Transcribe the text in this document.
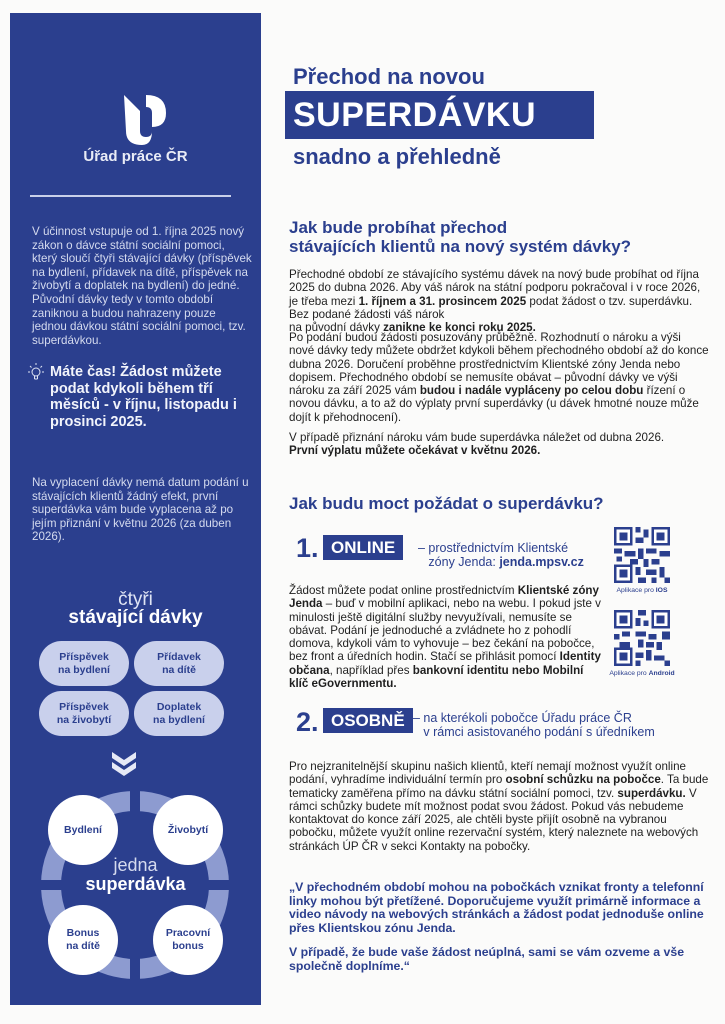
Úřad práce ČR
V účinnost vstupuje od 1. října 2025 nový zákon o dávce státní sociální pomoci, který sloučí čtyři stávající dávky (příspěvek na bydlení, přídavek na dítě, příspěvek na živobytí a doplatek na bydlení) do jedné. Původní dávky tedy v tomto období zaniknou a budou nahrazeny pouze jednou dávkou státní sociální pomoci, tzv. superdávkou.
Máte čas! Žádost můžete podat kdykoli během tří měsíců - v říjnu, listopadu i prosinci 2025.
Na vyplacení dávky nemá datum podání u stávajících klientů žádný efekt, první superdávka vám bude vyplacena až po jejím přiznání v květnu 2026 (za duben 2026).
čtyři
stávající dávky
Příspěvek
na bydlení
Přídavek
na dítě
Příspěvek
na živobytí
Doplatek
na bydlení
Bydlení	Živobytí
Bonus
na dítě
Pracovní
bonus
jedna
superdávka
Přechod na novou
SUPERDÁVKU
snadno a přehledně
Jak bude probíhat přechod
stávajících klientů na nový systém dávky?
Přechodné období ze stávajícího systému dávek na nový bude probíhat od října 2025 do dubna 2026. Aby váš nárok na státní podporu pokračoval i v roce 2026, je třeba mezi 1. říjnem a 31. prosincem 2025 podat žádost o tzv. superdávku. Bez podané žádosti váš nárok
na původní dávky zanikne ke konci roku 2025.
Po podání budou žádosti posuzovány průběžně. Rozhodnutí o nároku a výši nové dávky tedy můžete obdržet kdykoli během přechodného období až do konce dubna 2026. Doručení proběhne prostřednictvím Klientské zóny Jenda nebo dopisem. Přechodného období se nemusíte obávat – původní dávky ve výši nároku za září 2025 vám budou i nadále vypláceny po celou dobu řízení o novou dávku, a to až do výplaty první superdávky (u dávek hmotné nouze může dojít k přehodnocení).
V případě přiznání nároku vám bude superdávka náležet od dubna 2026.
První výplatu můžete očekávat v květnu 2026.
Jak budu moct požádat o superdávku?
1. ONLINE	– prostřednictvím Klientské
zóny Jenda: jenda.mpsv.cz
Aplikace pro IOS
Aplikace pro Android
Žádost můžete podat online prostřednictvím Klientské zóny Jenda – buď v mobilní aplikaci, nebo na webu. I pokud jste v minulosti ještě digitální služby nevyužívali, nemusíte se obávat. Podání je jednoduché a zvládnete ho z pohodlí domova, kdykoli vám to vyhovuje – bez čekání na pobočce, bez front a úředních hodin. Stačí se přihlásit pomocí Identity občana, například přes bankovní identitu nebo Mobilní klíč eGovernmentu.
2. OSOBNĚ – na kterékoli pobočce Úřadu práce ČR
v rámci asistovaného podání s úředníkem
Pro nejzranitelnější skupinu našich klientů, kteří nemají možnost využít online podání, vyhradíme individuální termín pro osobní schůzku na pobočce. Ta bude tematicky zaměřena přímo na dávku státní sociální pomoci, tzv. superdávku. V rámci schůzky budete mít možnost podat svou žádost. Pokud vás nebudeme kontaktovat do konce září 2025, ale chtěli byste přijít osobně na vybranou pobočku, můžete využít online rezervační systém, který naleznete na webových stránkách ÚP ČR v sekci Kontakty na pobočky.
„V přechodném období mohou na pobočkách vznikat fronty a telefonní linky mohou být přetížené. Doporučujeme využít primárně informace a video návody na webových stránkách a žádost podat jednoduše online přes Klientskou zónu Jenda.
V případě, že bude vaše žádost neúplná, sami se vám ozveme a vše společně doplníme.“
